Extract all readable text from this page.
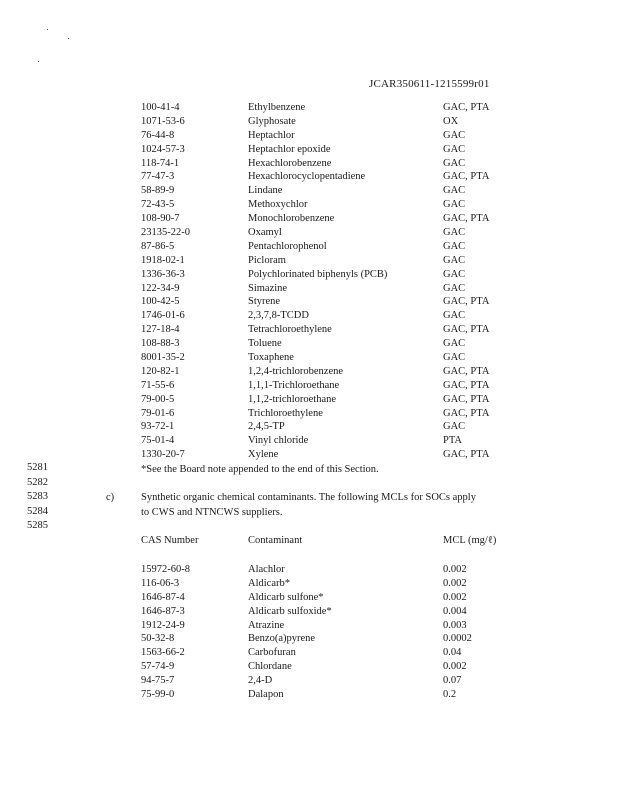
JCAR350611-1215599r01
100-41-4	Ethylbenzene	GAC, PTA
1071-53-6	Glyphosate	OX
76-44-8	Heptachlor	GAC
1024-57-3	Heptachlor epoxide	GAC
118-74-1	Hexachlorobenzene	GAC
77-47-3	Hexachlorocyclopentadiene	GAC, PTA
58-89-9	Lindane	GAC
72-43-5	Methoxychlor	GAC
108-90-7	Monochlorobenzene	GAC, PTA
23135-22-0	Oxamyl	GAC
87-86-5	Pentachlorophenol	GAC
1918-02-1	Picloram	GAC
1336-36-3	Polychlorinated biphenyls (PCB)	GAC
122-34-9	Simazine	GAC
100-42-5	Styrene	GAC, PTA
1746-01-6	2,3,7,8-TCDD	GAC
127-18-4	Tetrachloroethylene	GAC, PTA
108-88-3	Toluene	GAC
8001-35-2	Toxaphene	GAC
120-82-1	1,2,4-trichlorobenzene	GAC, PTA
71-55-6	1,1,1-Trichloroethane	GAC, PTA
79-00-5	1,1,2-trichloroethane	GAC, PTA
79-01-6	Trichloroethylene	GAC, PTA
93-72-1	2,4,5-TP	GAC
75-01-4	Vinyl chloride	PTA
1330-20-7	Xylene	GAC, PTA
5281
5282
5283
5284
5285
*See the Board note appended to the end of this Section.
c)	Synthetic organic chemical contaminants. The following MCLs for SOCs apply
to CWS and NTNCWS suppliers.
CAS Number	Contaminant	MCL (mg/ℓ)
15972-60-8	Alachlor	0.002
116-06-3	Aldicarb*	0.002
1646-87-4	Aldicarb sulfone*	0.002
1646-87-3	Aldicarb sulfoxide*	0.004
1912-24-9	Atrazine	0.003
50-32-8	Benzo(a)pyrene	0.0002
1563-66-2	Carbofuran	0.04
57-74-9	Chlordane	0.002
94-75-7	2,4-D	0.07
75-99-0	Dalapon	0.2
